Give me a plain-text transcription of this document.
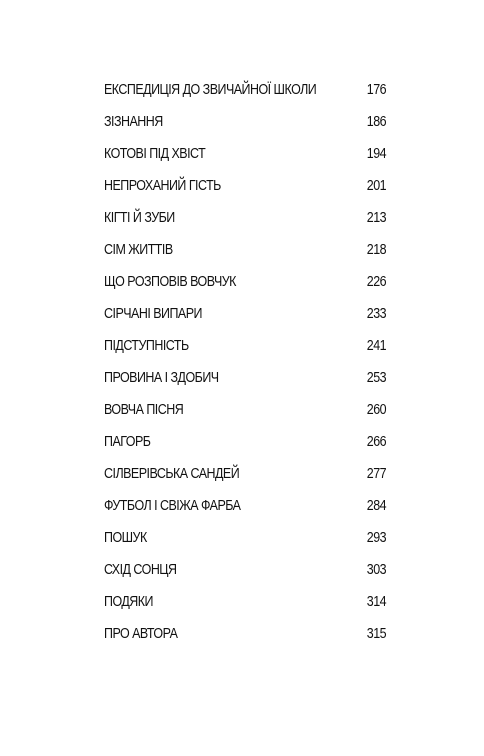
ЕКСПЕДИЦІЯ ДО ЗВИЧАЙНОЇ ШКОЛИ	176
ЗІЗНАННЯ	186
КОТОВІ ПІД ХВІСТ	194
НЕПРОХАНИЙ ГІСТЬ	201
КІГТІ Й ЗУБИ	213
СІМ ЖИТТІВ	218
ЩО РОЗПОВІВ ВОВЧУК	226
СІРЧАНІ ВИПАРИ	233
ПІДСТУПНІСТЬ	241
ПРОВИНА І ЗДОБИЧ	253
ВОВЧА ПІСНЯ	260
ПАГОРБ	266
СІЛВЕРІВСЬКА САНДЕЙ	277
ФУТБОЛ І СВІЖА ФАРБА	284
ПОШУК	293
СХІД СОНЦЯ	303
ПОДЯКИ	314
ПРО АВТОРА	315
